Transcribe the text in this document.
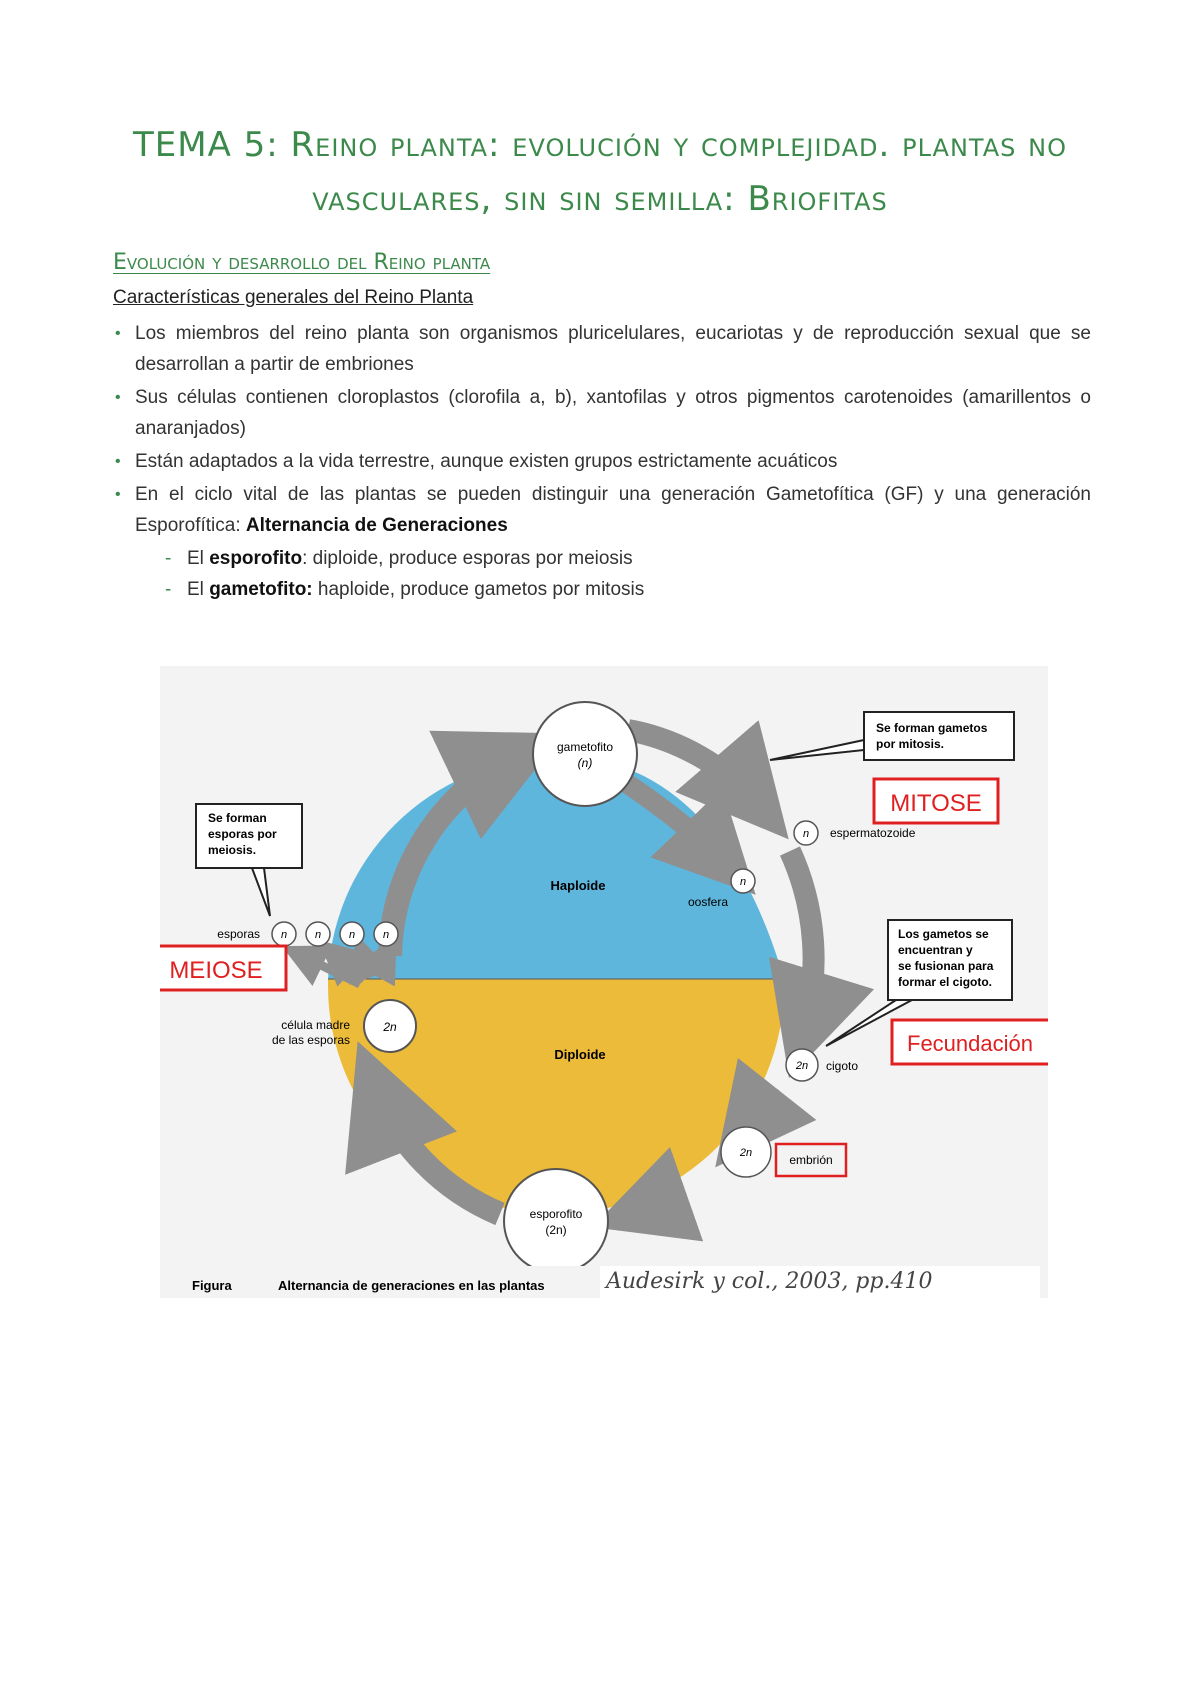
TEMA 5: Reino planta: evolución y complejidad. plantas no
vasculares, sin sin semilla: Briofitas
Evolución y desarrollo del Reino planta
Características generales del Reino Planta
• Los miembros del reino planta son organismos pluricelulares, eucariotas y de reproducción sexual que se desarrollan a partir de embriones
• Sus células contienen cloroplastos (clorofila a, b), xantofilas y otros pigmentos carotenoides (amarillentos o anaranjados)
• Están adaptados a la vida terrestre, aunque existen grupos estrictamente acuáticos
• En el ciclo vital de las plantas se pueden distinguir una generación Gametofítica (GF) y una generación Esporofítica: Alternancia de Generaciones
- El esporofito: diploide, produce esporas por meiosis
- El gametofito: haploide, produce gametos por mitosis
gametofito
(n)
esporofito
(2n)
Haploide
Diploide
n
oosfera
n espermatozoide
esporas n	n	n	n
2n
célula madre
de las esporas
2n cigoto
2n	embrión
Se forman
esporas por
meiosis.
Se forman gametos
por mitosis.
Los gametos se
encuentran y
se fusionan para
formar el cigoto.
MITOSE
MEIOSE
Fecundación
Figura	Alternancia de generaciones en las plantas	Audesirk y col., 2003, pp.410
